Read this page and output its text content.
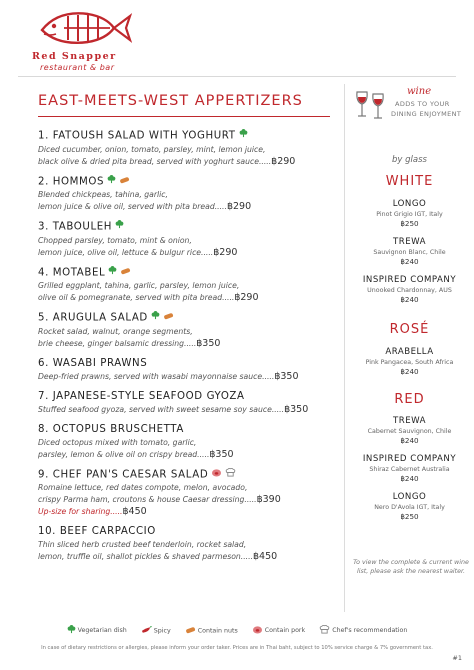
Red Snapper
restaurant & bar
EAST-MEETS-WEST APPERTIZERS
1. FATOUSH SALAD WITH YOGHURT
Diced cucumber, onion, tomato, parsley, mint, lemon juice,
black olive & dried pita bread, served with yoghurt sauce.....฿290
2. HOMMOS
Blended chickpeas, tahina, garlic,
lemon juice & olive oil, served with pita bread.....฿290
3. TABOULEH
Chopped parsley, tomato, mint & onion,
lemon juice, olive oil, lettuce & bulgur rice.....฿290
4. MOTABEL
Grilled eggplant, tahina, garlic, parsley, lemon juice,
olive oil & pomegranate, served with pita bread.....฿290
5. ARUGULA SALAD
Rocket salad, walnut, orange segments,
brie cheese, ginger balsamic dressing.....฿350
6. WASABI PRAWNS
Deep-fried prawns, served with wasabi mayonnaise sauce.....฿350
7. JAPANESE-STYLE SEAFOOD GYOZA
Stuffed seafood gyoza, served with sweet sesame soy sauce.....฿350
8. OCTOPUS BRUSCHETTA
Diced octopus mixed with tomato, garlic,
parsley, lemon & olive oil on crispy bread.....฿350
9. CHEF PAN'S CAESAR SALAD
Romaine lettuce, red dates compote, melon, avocado,
crispy Parma ham, croutons & house Caesar dressing.....฿390
Up-size for sharing.....฿450
10. BEEF CARPACCIO
Thin sliced herb crusted beef tenderloin, rocket salad,
lemon, truffle oil, shallot pickles & shaved parmeson.....฿450
wine
ADDS TO YOUR
DINING ENJOYMENT
by glass
WHITE
LONGO
Pinot Grigio IGT, Italy
฿250
TREWA
Sauvignon Blanc, Chile
฿240
INSPIRED COMPANY
Unooked Chardonnay, AUS
฿240
ROSÉ
ARABELLA
Pink Pangacea, South Africa
฿240
RED
TREWA
Cabernet Sauvignon, Chile
฿240
INSPIRED COMPANY
Shiraz Cabernet Australia
฿240
LONGO
Nero D'Avola IGT, Italy
฿250
To view the complete & current wine
list, please ask the nearest waiter.
Vegetarian dish	Spicy	Contain nuts	Contain pork	Chef's recommendation
In case of dietary restrictions or allergies, please inform your order taker. Prices are in Thai baht, subject to 10% service charge & 7% government tax.
#1
